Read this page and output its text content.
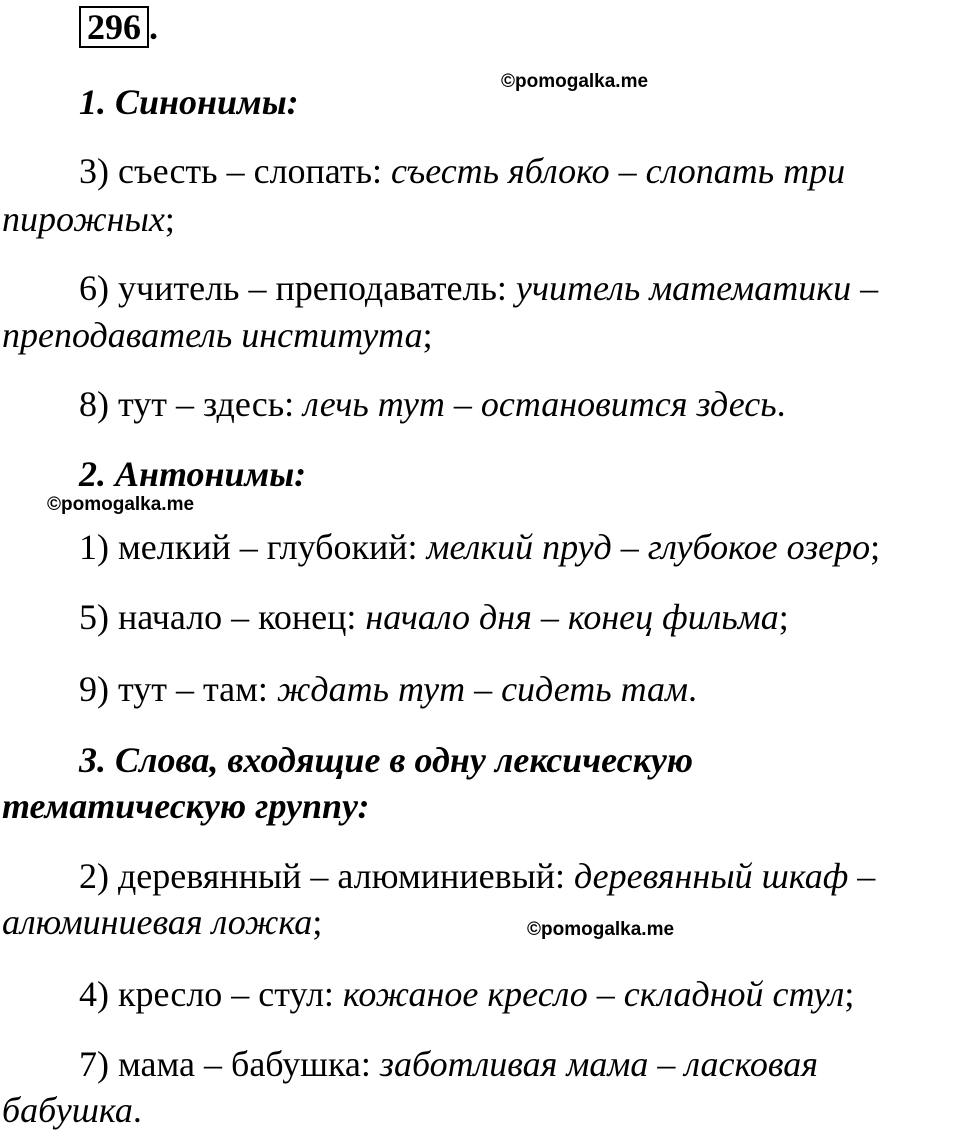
296 .
©pomogalka.me
1. Синонимы:
3) съесть – слопать: съесть яблоко – слопать три
пирожных;
6) учитель – преподаватель: учитель математики –
преподаватель института;
8) тут – здесь: лечь тут – остановится здесь.
2. Антонимы:
©pomogalka.me
1) мелкий – глубокий: мелкий пруд – глубокое озеро;
5) начало – конец: начало дня – конец фильма;
9) тут – там: ждать тут – сидеть там.
3. Слова, входящие в одну лексическую
тематическую группу:
2) деревянный – алюминиевый: деревянный шкаф –
алюминиевая ложка;	©pomogalka.me
4) кресло – стул: кожаное кресло – складной стул;
7) мама – бабушка: заботливая мама – ласковая
бабушка.
